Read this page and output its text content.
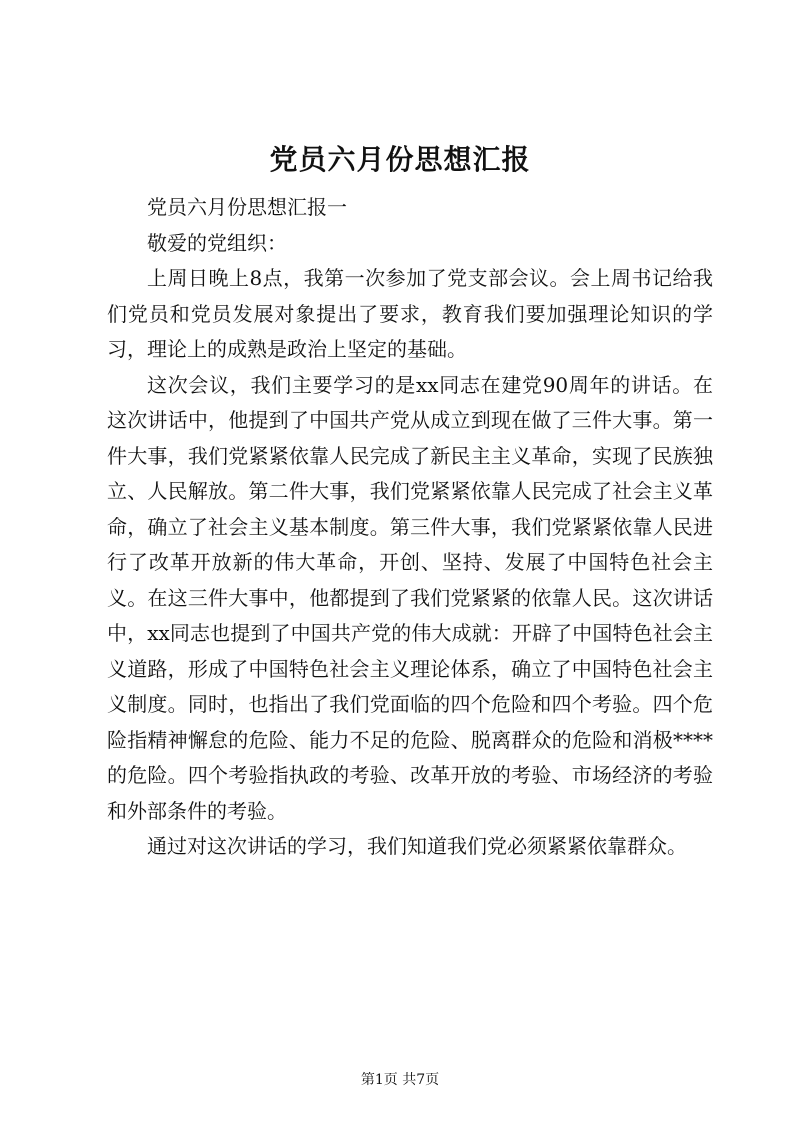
党员六月份思想汇报

党员六月份思想汇报一

敬爱的党组织：

上周日晚上8点，我第一次参加了党支部会议。会上周书记给我们党员和党员发展对象提出了要求，教育我们要加强理论知识的学习，理论上的成熟是政治上坚定的基础。

这次会议，我们主要学习的是xx同志在建党90周年的讲话。在这次讲话中，他提到了中国共产党从成立到现在做了三件大事。第一件大事，我们党紧紧依靠人民完成了新民主主义革命，实现了民族独立、人民解放。第二件大事，我们党紧紧依靠人民完成了社会主义革命，确立了社会主义基本制度。第三件大事，我们党紧紧依靠人民进行了改革开放新的伟大革命，开创、坚持、发展了中国特色社会主义。在这三件大事中，他都提到了我们党紧紧的依靠人民。这次讲话中，xx同志也提到了中国共产党的伟大成就：开辟了中国特色社会主义道路，形成了中国特色社会主义理论体系，确立了中国特色社会主义制度。同时，也指出了我们党面临的四个危险和四个考验。四个危险指精神懈怠的危险、能力不足的危险、脱离群众的危险和消极****的危险。四个考验指执政的考验、改革开放的考验、市场经济的考验和外部条件的考验。

通过对这次讲话的学习，我们知道我们党必须紧紧依靠群众。

第1页 共7页
